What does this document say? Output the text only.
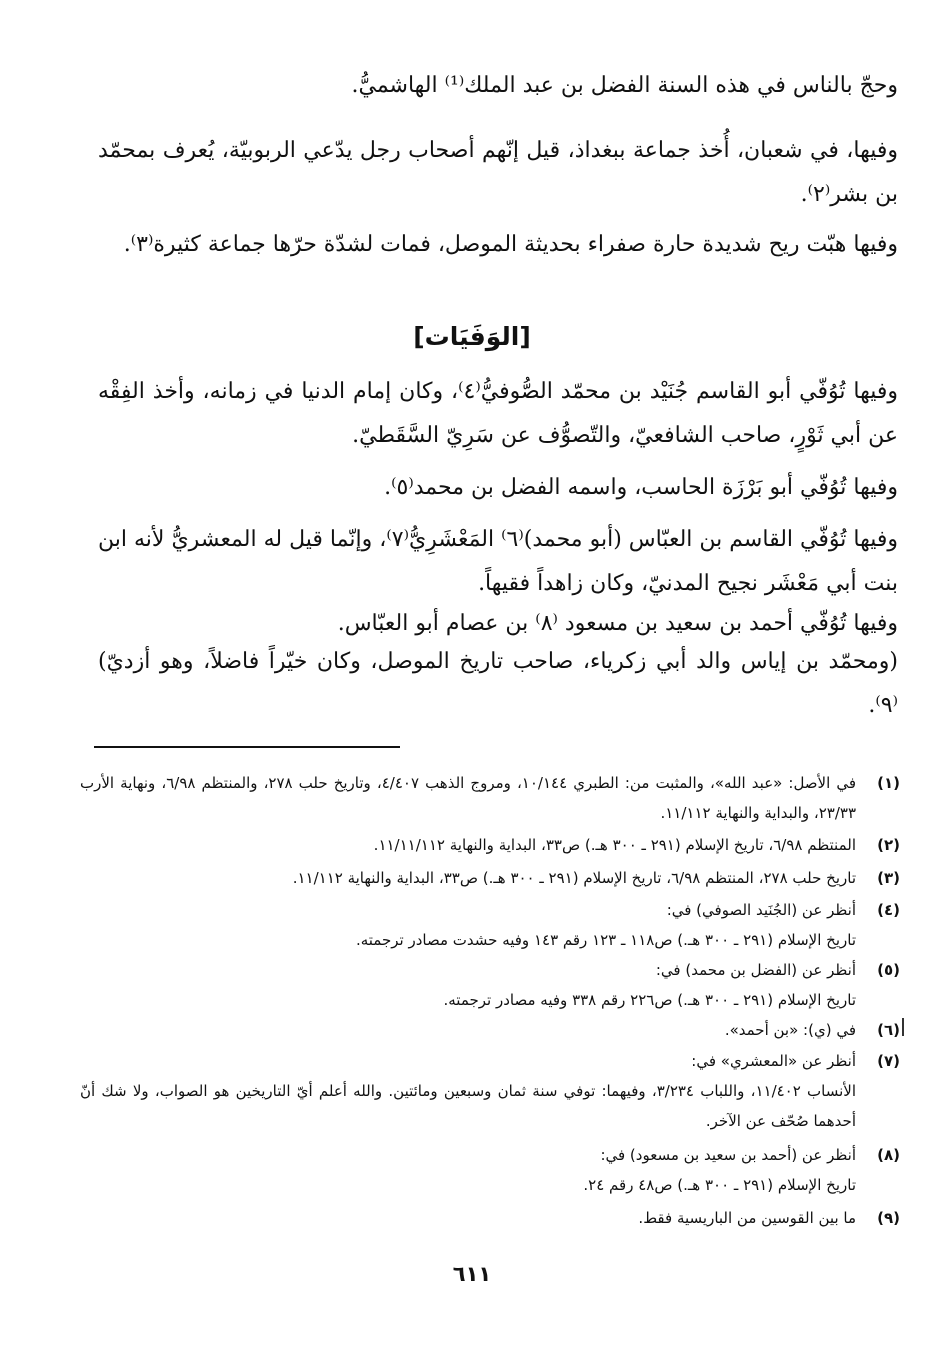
وحجّ بالناس في هذه السنة الفضل بن عبد الملك⁽¹⁾ الهاشميُّ.
وفيها، في شعبان، أُخذ جماعة ببغداذ، قيل إنّهم أصحاب رجل يدّعي الربوبيّة، يُعرف بمحمّد بن بشر⁽٢⁾.
وفيها هبّت ريح شديدة حارة صفراء بحديثة الموصل، فمات لشدّة حرّها جماعة كثيرة⁽٣⁾.
[الوَفَيَات]
وفيها تُوُفّي أبو القاسم جُنَيْد بن محمّد الصُّوفيُّ⁽٤⁾، وكان إمام الدنيا في زمانه، وأخذ الفِقْه عن أبي ثَوْرٍ، صاحب الشافعيّ، والتّصوُّف عن سَرِيّ السَّقَطيّ.
وفيها تُوُفّي أبو بَرْزَة الحاسب، واسمه الفضل بن محمد⁽٥⁾.
وفيها تُوُفّي القاسم بن العبّاس (أبو محمد)⁽٦⁾ المَعْشَرِيُّ⁽٧⁾، وإنّما قيل له المعشريُّ لأنه ابن بنت أبي مَعْشَر نجيح المدنيّ، وكان زاهداً فقيهاً.
وفيها تُوُفّي أحمد بن سعيد بن مسعود ⁽٨⁾ بن عصام أبو العبّاس.
(ومحمّد بن إياس والد أبي زكرياء، صاحب تاريخ الموصل، وكان خيّراً فاضلاً، وهو أزديّ) ⁽٩⁾.
(١)
في الأصل: «عبد الله»، والمثبت من: الطبري ١٠/١٤٤، ومروج الذهب ٤/٤٠٧، وتاريخ حلب ٢٧٨، والمنتظم ٦/٩٨، ونهاية الأرب ٢٣/٣٣، والبداية والنهاية ١١/١١٢.
(٢)
المنتظم ٦/٩٨، تاريخ الإسلام (٢٩١ ـ ٣٠٠ هـ.) ص٣٣، البداية والنهاية ١١/١١/١١٢.
(٣)
تاريخ حلب ٢٧٨، المنتظم ٦/٩٨، تاريخ الإسلام (٢٩١ ـ ٣٠٠ هـ.) ص٣٣، البداية والنهاية ١١/١١٢.
(٤)
أنظر عن (الجُنَيد الصوفي) في:
تاريخ الإسلام (٢٩١ ـ ٣٠٠ هـ.) ص١١٨ ـ ١٢٣ رقم ١٤٣ وفيه حشدت مصادر ترجمته.
(٥)
أنظر عن (الفضل بن محمد) في:
تاريخ الإسلام (٢٩١ ـ ٣٠٠ هـ.) ص٢٢٦ رقم ٣٣٨ وفيه مصادر ترجمته.
(٦)
في (ي): «بن أحمد».
(٧)
أنظر عن «المعشري» في:
الأنساب ١١/٤٠٢، واللباب ٣/٢٣٤، وفيهما: توفي سنة ثمان وسبعين ومائتين. والله أعلم أيّ التاريخين هو الصواب، ولا شك أنّ أحدهما صُحّف عن الآخر.
(٨)
أنظر عن (أحمد بن سعيد بن مسعود) في:
تاريخ الإسلام (٢٩١ ـ ٣٠٠ هـ.) ص٤٨ رقم ٢٤.
(٩)
ما بين القوسين من الباريسية فقط.
٦١١
